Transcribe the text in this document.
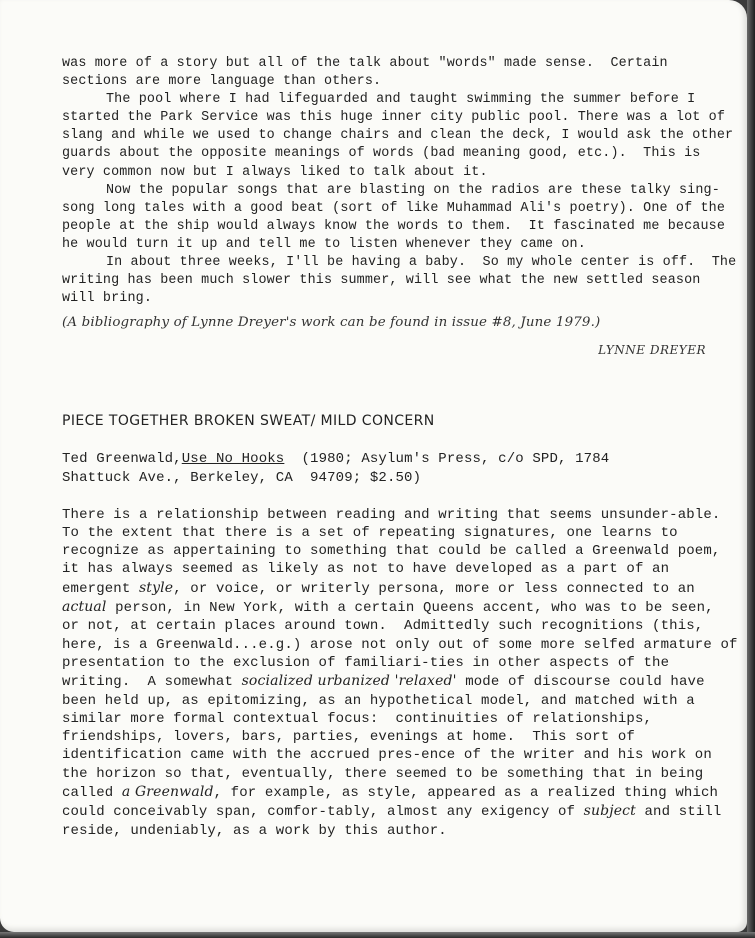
was more of a story but all of the talk about "words" made sense.  Certain sections are more language than others.

The pool where I had lifeguarded and taught swimming the summer before I started the Park Service was this huge inner city public pool. There was a lot of slang and while we used to change chairs and clean the deck, I would ask the other guards about the opposite meanings of words (bad meaning good, etc.).  This is very common now but I always liked to talk about it.

Now the popular songs that are blasting on the radios are these talky sing-song long tales with a good beat (sort of like Muhammad Ali's poetry). One of the people at the ship would always know the words to them.  It fascinated me because he would turn it up and tell me to listen whenever they came on.

In about three weeks, I'll be having a baby.  So my whole center is off.  The writing has been much slower this summer, will see what the new settled season will bring.

(A bibliography of Lynne Dreyer's work can be found in issue #8, June 1979.)

LYNNE DREYER

PIECE TOGETHER BROKEN SWEAT/ MILD CONCERN

Ted Greenwald,Use No Hooks (1980; Asylum's Press, c/o SPD, 1784
Shattuck Ave., Berkeley, CA  94709; $2.50)

There is a relationship between reading and writing that seems unsunder-able.  To the extent that there is a set of repeating signatures, one learns to recognize as appertaining to something that could be called a Greenwald poem, it has always seemed as likely as not to have developed as a part of an emergent style, or voice, or writerly persona, more or less connected to an actual person, in New York, with a certain Queens accent, who was to be seen, or not, at certain places around town.  Admittedly such recognitions (this, here, is a Greenwald...e.g.) arose not only out of some more selfed armature of presentation to the exclusion of familiari-ties in other aspects of the writing.  A somewhat socialized urbanized 'relaxed' mode of discourse could have been held up, as epitomizing, as an hypothetical model, and matched with a similar more formal contextual focus:  continuities of relationships, friendships, lovers, bars, parties, evenings at home.  This sort of identification came with the accrued pres-ence of the writer and his work on the horizon so that, eventually, there seemed to be something that in being called a Greenwald, for example, as style, appeared as a realized thing which could conceivably span, comfor-tably, almost any exigency of subject and still reside, undeniably, as a work by this author.
